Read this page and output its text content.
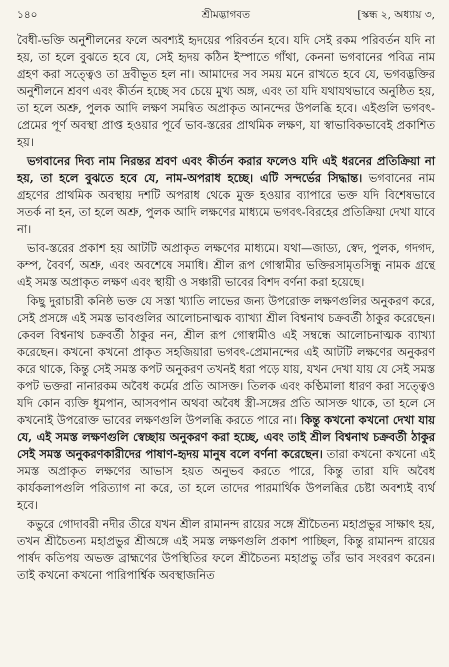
১৪০	শ্রীমদ্ভাগবত	[স্কন্ধ ২, অধ্যায় ৩,

বৈধী-ভক্তি অনুশীলনের ফলে অবশ্যই হৃদয়ের পরিবর্তন হবে। যদি সেই রকম পরিবর্তন যদি না হয়, তা হলে বুঝতে হবে যে, সেই হৃদয় কঠিন ইস্পাতে গাঁথা, কেননা ভগবানের পবিত্র নাম গ্রহণ করা সত্ত্বেও তা দ্রবীভূত হল না। আমাদের সব সময় মনে রাখতে হবে যে, ভগবদ্ভক্তির অনুশীলনে শ্রবণ এবং কীর্তন হচ্ছে সব চেয়ে মুখ্য অঙ্গ, এবং তা যদি যথাযথভাবে অনুষ্ঠিত হয়, তা হলে অশ্রু, পুলক আদি লক্ষণ সমন্বিত অপ্রাকৃত আনন্দের উপলব্ধি হবে। এইগুলি ভগবৎ-প্রেমের পূর্ণ অবস্থা প্রাপ্ত হওয়ার পূর্বে ভাব-স্তরের প্রাথমিক লক্ষণ, যা স্বাভাবিকভাবেই প্রকাশিত হয়।

ভগবানের দিব্য নাম নিরন্তর শ্রবণ এবং কীর্তন করার ফলেও যদি এই ধরনের প্রতিক্রিয়া না হয়, তা হলে বুঝতে হবে যে, নাম-অপরাধ হচ্ছে। এটি সন্দর্ভের সিদ্ধান্ত। ভগবানের নাম গ্রহণের প্রাথমিক অবস্থায় দশটি অপরাধ থেকে মুক্ত হওয়ার ব্যাপারে ভক্ত যদি বিশেষভাবে সতর্ক না হন, তা হলে অশ্রু, পুলক আদি লক্ষণের মাধ্যমে ভগবৎ-বিরহের প্রতিক্রিয়া দেখা যাবে না।

ভাব-স্তরের প্রকাশ হয় আটটি অপ্রাকৃত লক্ষণের মাধ্যমে। যথা—জাড্য, স্বেদ, পুলক, গদগদ, কম্প, বৈবর্ণ, অশ্রু, এবং অবশেষে সমাধি। শ্রীল রূপ গোস্বামীর ভক্তিরসামৃতসিন্ধু নামক গ্রন্থে এই সমস্ত অপ্রাকৃত লক্ষণ এবং স্থায়ী ও সঞ্চারী ভাবের বিশদ বর্ণনা করা হয়েছে।

কিছু দুরাচারী কনিষ্ঠ ভক্ত যে সস্তা খ্যাতি লাভের জন্য উপরোক্ত লক্ষণগুলির অনুকরণ করে, সেই প্রসঙ্গে এই সমস্ত ভাবগুলির আলোচনাত্মক ব্যাখ্যা শ্রীল বিশ্বনাথ চক্রবর্তী ঠাকুর করেছেন। কেবল বিশ্বনাথ চক্রবর্তী ঠাকুর নন, শ্রীল রূপ গোস্বামীও এই সম্বন্ধে আলোচনাত্মক ব্যাখ্যা করেছেন। কখনো কখনো প্রাকৃত সহজিয়ারা ভগবৎ-প্রেমানন্দের এই আটটি লক্ষণের অনুকরণ করে থাকে, কিন্তু সেই সমস্ত কপট অনুকরণ তখনই ধরা পড়ে যায়, যখন দেখা যায় যে সেই সমস্ত কপট ভক্তরা নানারকম অবৈধ কর্মের প্রতি আসক্ত। তিলক এবং কণ্ঠিমালা ধারণ করা সত্ত্বেও যদি কোন ব্যক্তি ধূমপান, আসবপান অথবা অবৈধ স্ত্রী-সঙ্গের প্রতি আসক্ত থাকে, তা হলে সে কখনোই উপরোক্ত ভাবের লক্ষণগুলি উপলব্ধি করতে পারে না। কিন্তু কখনো কখনো দেখা যায় যে, এই সমস্ত লক্ষণগুলি স্বেচ্ছায় অনুকরণ করা হচ্ছে, এবং তাই শ্রীল বিশ্বনাথ চক্রবর্তী ঠাকুর সেই সমস্ত অনুকরণকারীদের পাষাণ-হৃদয় মানুষ বলে বর্ণনা করেছেন। তারা কখনো কখনো এই সমস্ত অপ্রাকৃত লক্ষণের আভাস হয়ত অনুভব করতে পারে, কিন্তু তারা যদি অবৈধ কার্যকলাপগুলি পরিত্যাগ না করে, তা হলে তাদের পারমার্থিক উপলব্ধির চেষ্টা অবশ্যই ব্যর্থ হবে।

কভুরে গোদাবরী নদীর তীরে যখন শ্রীল রামানন্দ রায়ের সঙ্গে শ্রীচৈতন্য মহাপ্রভুর সাক্ষাৎ হয়, তখন শ্রীচৈতন্য মহাপ্রভুর শ্রীঅঙ্গে এই সমস্ত লক্ষণগুলি প্রকাশ পাচ্ছিল, কিন্তু রামানন্দ রায়ের পার্ষদ কতিপয় অভক্ত ব্রাহ্মণের উপস্থিতির ফলে শ্রীচৈতন্য মহাপ্রভু তাঁর ভাব সংবরণ করেন। তাই কখনো কখনো পারিপার্শ্বিক অবস্থাজনিত
